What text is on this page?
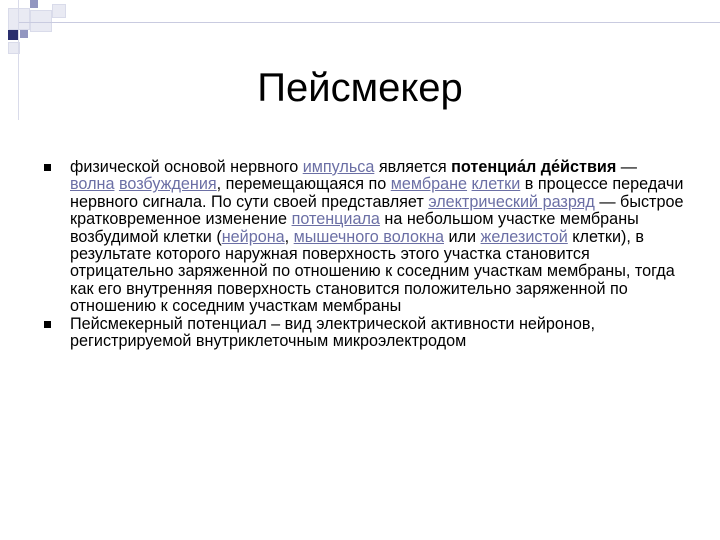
Пейсмекер
физической основой нервного импульса является потенциа́л де́йствия — волна возбуждения, перемещающаяся по мембране клетки в процессе передачи нервного сигнала. По сути своей представляет электрический разряд — быстрое кратковременное изменение потенциала на небольшом участке мембраны возбудимой клетки (нейрона, мышечного волокна или железистой клетки), в результате которого наружная поверхность этого участка становится отрицательно заряженной по отношению к соседним участкам мембраны, тогда как его внутренняя поверхность становится положительно заряженной по отношению к соседним участкам мембраны
Пейсмекерный потенциал – вид электрической активности нейронов, регистрируемой внутриклеточным микроэлектродом
